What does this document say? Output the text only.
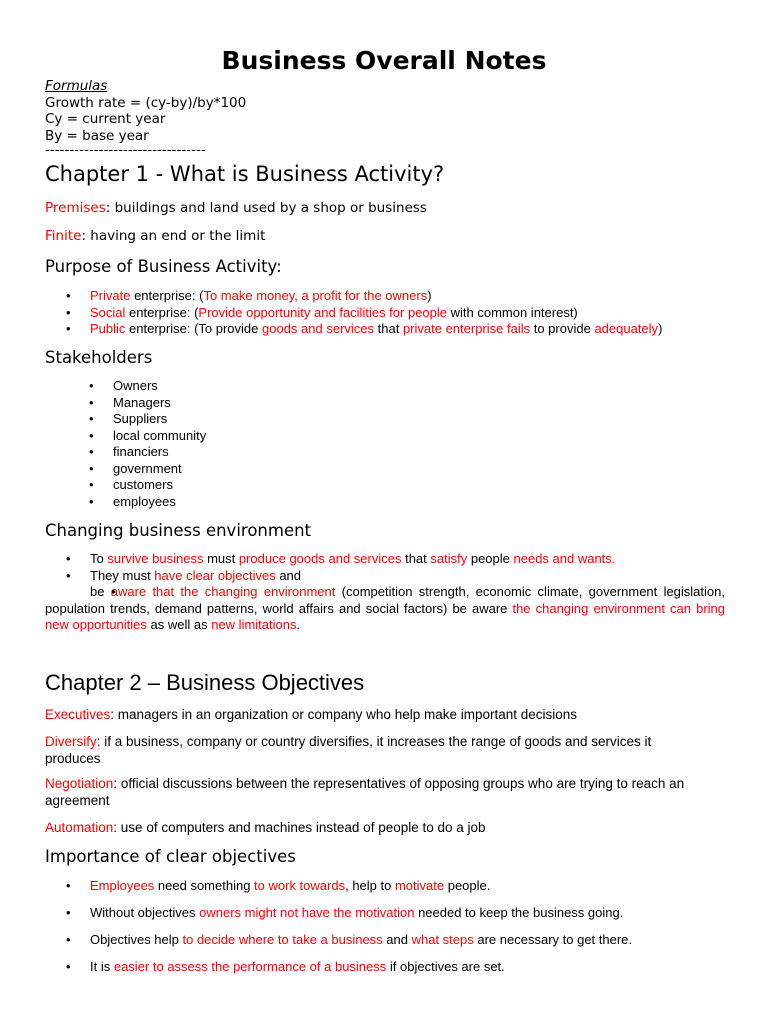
Business Overall Notes
Formulas
Growth rate = (cy-by)/by*100
Cy = current year
By = base year
---------------------------------
Chapter 1 - What is Business Activity?

Premises: buildings and land used by a shop or business

Finite: having an end or the limit

Purpose of Business Activity:
• Private enterprise: (To make money, a profit for the owners)
• Social enterprise: (Provide opportunity and facilities for people with common interest)
• Public enterprise: (To provide goods and services that private enterprise fails to provide adequately)
Stakeholders
• Owners
• Managers
• Suppliers
• local community
• financiers
• government
• customers
• employees
Changing business environment
• To survive business must produce goods and services that satisfy people needs and wants.
• They must have clear objectives and
• be aware that the changing environment (competition strength, economic climate, government legislation, population trends, demand patterns, world affairs and social factors) be aware the changing environment can bring new opportunities as well as new limitations.
Chapter 2 – Business Objectives

Executives: managers in an organization or company who help make important decisions

Diversify: if a business, company or country diversifies, it increases the range of goods and services it produces

Negotiation: official discussions between the representatives of opposing groups who are trying to reach an agreement

Automation: use of computers and machines instead of people to do a job

Importance of clear objectives
• Employees need something to work towards, help to motivate people.
• Without objectives owners might not have the motivation needed to keep the business going.
• Objectives help to decide where to take a business and what steps are necessary to get there.
• It is easier to assess the performance of a business if objectives are set.
